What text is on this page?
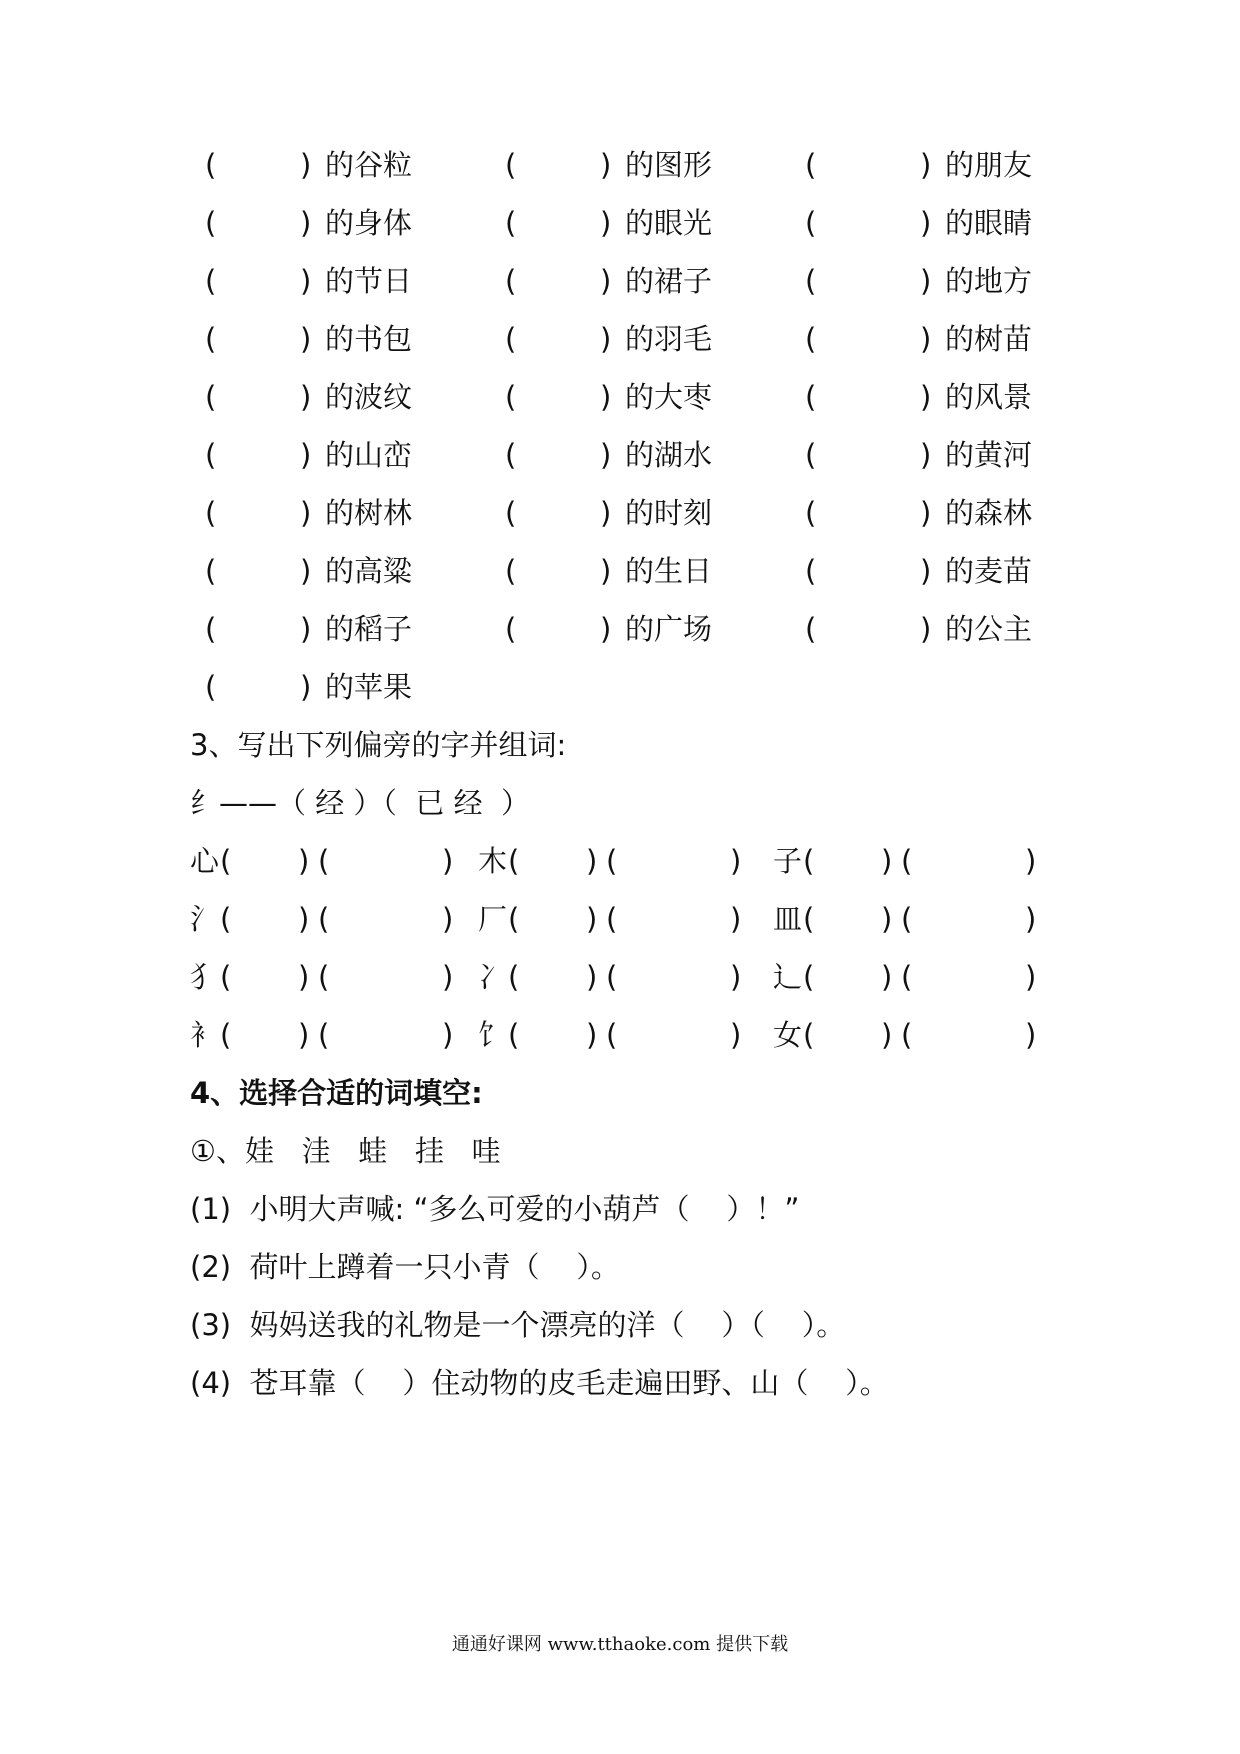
(	) 的谷粒	(	) 的图形	(	) 的朋友
(	) 的身体	(	) 的眼光	(	) 的眼睛
(	) 的节日	(	) 的裙子	(	) 的地方
(	) 的书包	(	) 的羽毛	(	) 的树苗
(	) 的波纹	(	) 的大枣	(	) 的风景
(	) 的山峦	(	) 的湖水	(	) 的黄河
(	) 的树林	(	) 的时刻	(	) 的森林
(	) 的高粱	(	) 的生日	(	) 的麦苗
(	) 的稻子	(	) 的广场	(	) 的公主
(	) 的苹果
3、写出下列偏旁的字并组词:
纟——（ 经 ）（  已 经  ）
心 ( ) (	) 木 ( ) (	) 子 ( ) (	)
氵 ( ) (	) 厂 ( ) (	) 皿 ( ) (	)
犭 ( ) (	) 冫 ( ) (	) 辶 ( ) (	)
衤 ( ) (	) 饣 ( ) (	) 女 ( ) (	)
4、选择合适的词填空:
①、娃   洼   蛙   挂   哇
(1)  小明大声喊: “多么可爱的小葫芦（    ）！”
(2)  荷叶上蹲着一只小青（    ）。
(3)  妈妈送我的礼物是一个漂亮的洋（    ）（    ）。
(4)  苍耳靠（    ）住动物的皮毛走遍田野、山（    ）。
通通好课网 www.tthaoke.com 提供下载
